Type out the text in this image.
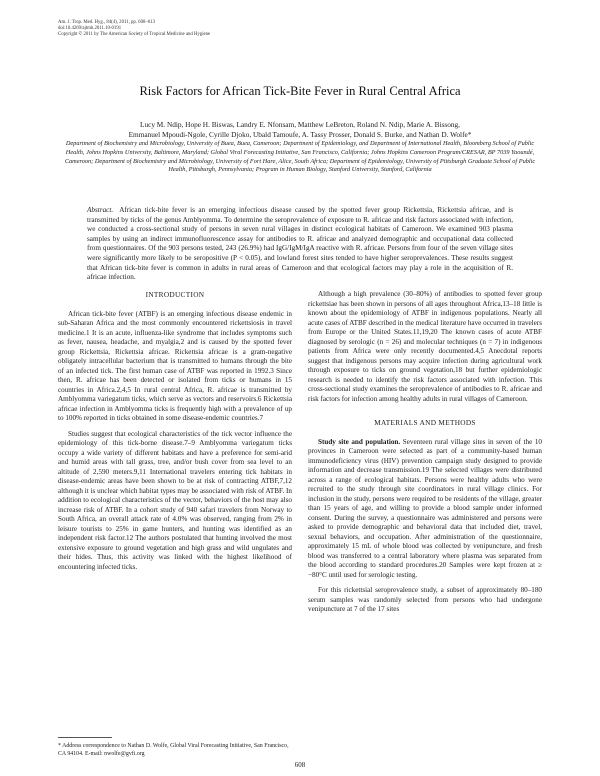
Am. J. Trop. Med. Hyg., 84(4), 2011, pp. 608–613
doi:10.4269/ajtmh.2011.10-0191
Copyright © 2011 by The American Society of Tropical Medicine and Hygiene
Risk Factors for African Tick-Bite Fever in Rural Central Africa
Lucy M. Ndip, Hope H. Biswas, Landry E. Nfonsam, Matthew LeBreton, Roland N. Ndip, Marie A. Bissong,
Emmanuel Mpoudi-Ngole, Cyrille Djoko, Ubald Tamoufe, A. Tassy Prosser, Donald S. Burke, and Nathan D. Wolfe*
Department of Biochemistry and Microbiology, University of Buea, Buea, Cameroon; Department of Epidemiology, and Department of International Health, Bloomberg School of Public Health, Johns Hopkins University, Baltimore, Maryland; Global Viral Forecasting Initiative, San Francisco, California; Johns Hopkins Cameroon Program/CRESAR, BP 7039 Yaoundé, Cameroon; Department of Biochemistry and Microbiology, University of Fort Hare, Alice, South Africa; Department of Epidemiology, University of Pittsburgh Graduate School of Public Health, Pittsburgh, Pennsylvania; Program in Human Biology, Stanford University, Stanford, California

Abstract. African tick-bite fever is an emerging infectious disease caused by the spotted fever group Rickettsia, Rickettsia africae, and is transmitted by ticks of the genus Amblyomma. To determine the seroprevalence of exposure to R. africae and risk factors associated with infection, we conducted a cross-sectional study of persons in seven rural villages in distinct ecological habitats of Cameroon. We examined 903 plasma samples by using an indirect immunofluorescence assay for antibodies to R. africae and analyzed demographic and occupational data collected from questionnaires. Of the 903 persons tested, 243 (26.9%) had IgG/IgM/IgA reactive with R. africae. Persons from four of the seven village sites were significantly more likely to be seropositive (P < 0.05), and lowland forest sites tended to have higher seroprevalences. These results suggest that African tick-bite fever is common in adults in rural areas of Cameroon and that ecological factors may play a role in the acquisition of R. africae infection.

INTRODUCTION

African tick-bite fever (ATBF) is an emerging infectious disease endemic in sub-Saharan Africa and the most commonly encountered rickettsiosis in travel medicine.1 It is an acute, influenza-like syndrome that includes symptoms such as fever, nausea, headache, and myalgia,2 and is caused by the spotted fever group Rickettsia, Rickettsia africae. Rickettsia africae is a gram-negative obligately intracellular bacterium that is transmitted to humans through the bite of an infected tick. The first human case of ATBF was reported in 1992.3 Since then, R. africae has been detected or isolated from ticks or humans in 15 countries in Africa.2,4,5 In rural central Africa, R. africae is transmitted by Amblyomma variegatum ticks, which serve as vectors and reservoirs.6 Rickettsia africae infection in Amblyomma ticks is frequently high with a prevalence of up to 100% reported in ticks obtained in some disease-endemic countries.7

Studies suggest that ecological characteristics of the tick vector influence the epidemiology of this tick-borne disease.7–9 Amblyomma variegatum ticks occupy a wide variety of different habitats and have a preference for semi-arid and humid areas with tall grass, tree, and/or bush cover from sea level to an altitude of 2,590 meters.9,11 International travelers entering tick habitats in disease-endemic areas have been shown to be at risk of contracting ATBF,7,12 although it is unclear which habitat types may be associated with risk of ATBF. In addition to ecological characteristics of the vector, behaviors of the host may also increase risk of ATBF. In a cohort study of 940 safari travelers from Norway to South Africa, an overall attack rate of 4.0% was observed, ranging from 2% in leisure tourists to 25% in game hunters, and hunting was identified as an independent risk factor.12 The authors postulated that hunting involved the most extensive exposure to ground vegetation and high grass and wild ungulates and their hides. Thus, this activity was linked with the highest likelihood of encountering infected ticks.

Although a high prevalence (30–80%) of antibodies to spotted fever group rickettsiae has been shown in persons of all ages throughout Africa,13–18 little is known about the epidemiology of ATBF in indigenous populations. Nearly all acute cases of ATBF described in the medical literature have occurred in travelers from Europe or the United States.11,19,20 The known cases of acute ATBF diagnosed by serologic (n = 26) and molecular techniques (n = 7) in indigenous patients from Africa were only recently documented.4,5 Anecdotal reports suggest that indigenous persons may acquire infection during agricultural work through exposure to ticks on ground vegetation,18 but further epidemiologic research is needed to identify the risk factors associated with infection. This cross-sectional study examines the seroprevalence of antibodies to R. africae and risk factors for infection among healthy adults in rural villages of Cameroon.

MATERIALS AND METHODS

Study site and population. Seventeen rural village sites in seven of the 10 provinces in Cameroon were selected as part of a community-based human immunodeficiency virus (HIV) prevention campaign study designed to provide information and decrease transmission.19 The selected villages were distributed across a range of ecological habitats. Persons were healthy adults who were recruited to the study through site coordinators in rural village clinics. For inclusion in the study, persons were required to be residents of the village, greater than 15 years of age, and willing to provide a blood sample under informed consent. During the survey, a questionnaire was administered and persons were asked to provide demographic and behavioral data that included diet, travel, sexual behaviors, and occupation. After administration of the questionnaire, approximately 15 mL of whole blood was collected by venipuncture, and fresh blood was transferred to a central laboratory where plasma was separated from the blood according to standard procedures.20 Samples were kept frozen at ≥ −80°C until used for serologic testing.

For this rickettsial seroprevalence study, a subset of approximately 80–180 serum samples was randomly selected from persons who had undergone venipuncture at 7 of the 17 sites

* Address correspondence to Nathan D. Wolfe, Global Viral Forecasting Initiative, San Francisco, CA 94104. E-mail: nwolfe@gvfi.org
608
